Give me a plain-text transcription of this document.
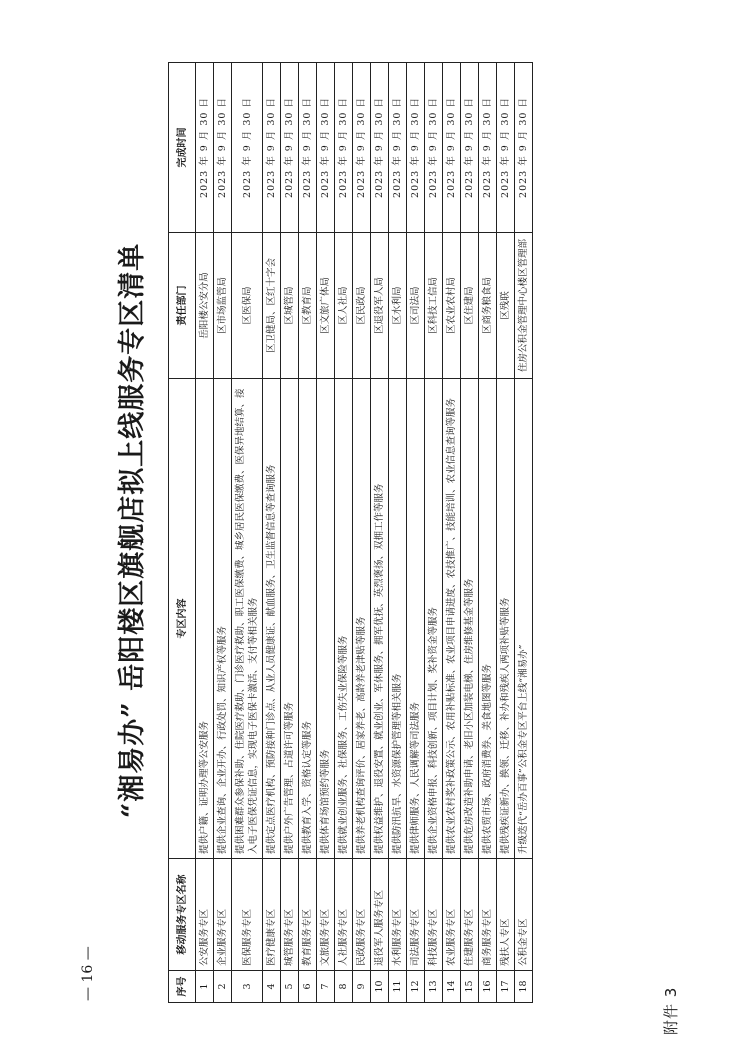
附件 3
“湘易办” 岳阳楼区旗舰店拟上线服务专区清单
序号	移动服务专区名称	专区内容	责任部门	完成时间
1	公安服务专区	提供户籍、证明办理等公安服务	岳阳楼公安分局	2023 年 9 月 30 日
2	企业服务专区	提供企业查询、企业开办、行政处罚、知识产权等服务	区市场监管局	2023 年 9 月 30 日
3	医保服务专区	提供困难群众参保补助、住院医疗救助、门诊医疗救助、职工医保缴费、城乡居民医保缴费、医保异地结算、接入电子医保凭证信息，实现电子医保卡激活、支付等相关服务	区医保局	2023 年 9 月 30 日
4	医疗健康专区	提供定点医疗机构、预防接种门诊点、从业人员健康证、献血服务、卫生监督信息等查询服务	区卫健局、区红十字会	2023 年 9 月 30 日
5	城管服务专区	提供户外广告管理、占道许可等服务	区城管局	2023 年 9 月 30 日
6	教育服务专区	提供教育入学、资格认定等服务	区教育局	2023 年 9 月 30 日
7	文旅服务专区	提供体育场馆预约等服务	区文旅广体局	2023 年 9 月 30 日
8	人社服务专区	提供就业创业服务、社保服务、工伤失业保险等服务	区人社局	2023 年 9 月 30 日
9	民政服务专区	提供养老机构查询评价、居家养老、高龄养老津贴等服务	区民政局	2023 年 9 月 30 日
10	退役军人服务专区	提供权益维护、退役安置、就业创业、军休服务、拥军优抚、英烈褒扬、双拥工作等服务	区退役军人局	2023 年 9 月 30 日
11	水利服务专区	提供防汛抗旱、水资源保护管理等相关服务	区水利局	2023 年 9 月 30 日
12	司法服务专区	提供律师服务、人民调解等司法服务	区司法局	2023 年 9 月 30 日
13	科技服务专区	提供企业资格申报、科技创新、项目计划、奖补资金等服务	区科技工信局	2023 年 9 月 30 日
14	农业服务专区	提供农业农村奖补政策公示、农用补贴标准、农业项目申请进度、农技推广、技能培训、农业信息查询等服务	区农业农村局	2023 年 9 月 30 日
15	住建服务专区	提供危房改造补助申请、老旧小区加装电梯、住房维修基金等服务	区住建局	2023 年 9 月 30 日
16	商务服务专区	提供农贸市场、政府消费券、美食地图等服务	区商务粮食局	2023 年 9 月 30 日
17	残扶人专区	提供残疾证新办、换领、迁移、补办和残疾人两项补贴等服务	区残联	2023 年 9 月 30 日
18	公积金专区	升级迭代“岳办百事”公积金专区平台上线“湘易办”	住房公积金管理中心楼区管理部	2023 年 9 月 30 日
— 16 —
